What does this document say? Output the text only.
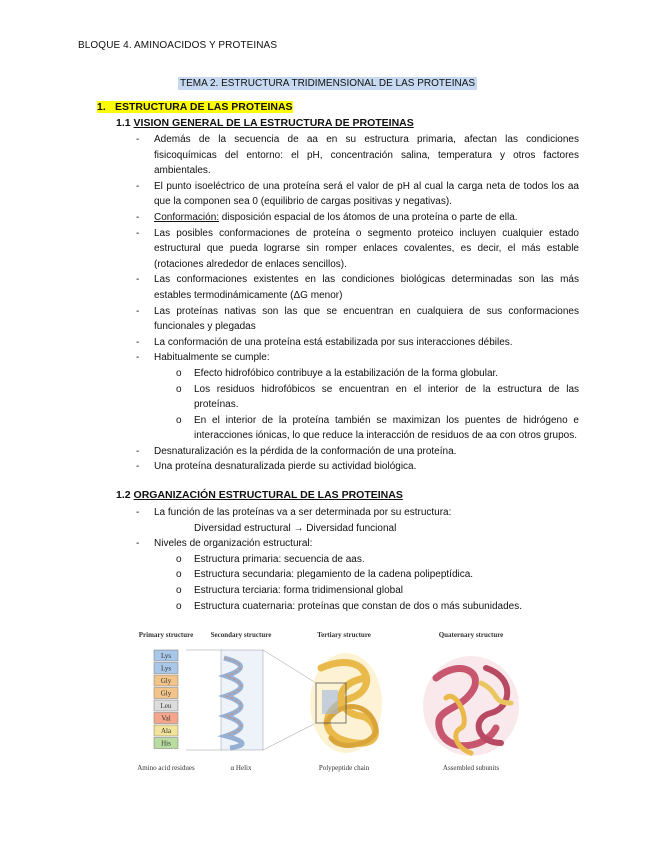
BLOQUE 4. AMINOACIDOS Y PROTEINAS
TEMA 2. ESTRUCTURA TRIDIMENSIONAL DE LAS PROTEINAS
1. ESTRUCTURA DE LAS PROTEINAS
1.1 VISION GENERAL DE LA ESTRUCTURA DE PROTEINAS
- Además de la secuencia de aa en su estructura primaria, afectan las condiciones fisicoquímicas del entorno: el pH, concentración salina, temperatura y otros factores ambientales.
- El punto isoeléctrico de una proteína será el valor de pH al cual la carga neta de todos los aa que la componen sea 0 (equilibrio de cargas positivas y negativas).
- Conformación: disposición espacial de los átomos de una proteína o parte de ella.
- Las posibles conformaciones de proteína o segmento proteico incluyen cualquier estado estructural que pueda lograrse sin romper enlaces covalentes, es decir, el más estable (rotaciones alrededor de enlaces sencillos).
- Las conformaciones existentes en las condiciones biológicas determinadas son las más estables termodinámicamente (ΔG menor)
- Las proteínas nativas son las que se encuentran en cualquiera de sus conformaciones funcionales y plegadas
- La conformación de una proteína está estabilizada por sus interacciones débiles.
- Habitualmente se cumple:
o Efecto hidrofóbico contribuye a la estabilización de la forma globular.
o Los residuos hidrofóbicos se encuentran en el interior de la estructura de las proteínas.
o En el interior de la proteína también se maximizan los puentes de hidrógeno e interacciones iónicas, lo que reduce la interacción de residuos de aa con otros grupos.
- Desnaturalización es la pérdida de la conformación de una proteína.
- Una proteína desnaturalizada pierde su actividad biológica.
1.2 ORGANIZACIÓN ESTRUCTURAL DE LAS PROTEINAS
- La función de las proteínas va a ser determinada por su estructura:
Diversidad estructural → Diversidad funcional
- Niveles de organización estructural:
o Estructura primaria: secuencia de aas.
o Estructura secundaria: plegamiento de la cadena polipeptídica.
o Estructura terciaria: forma tridimensional global
o Estructura cuaternaria: proteínas que constan de dos o más subunidades.
Primary structure Secondary structure	Tertiary structure	Quaternary structure
Lys
Lys
Gly
Gly
Leu
Val
Ala
His
Amino acid residues	α Helix	Polypeptide chain	Assembled subunits
